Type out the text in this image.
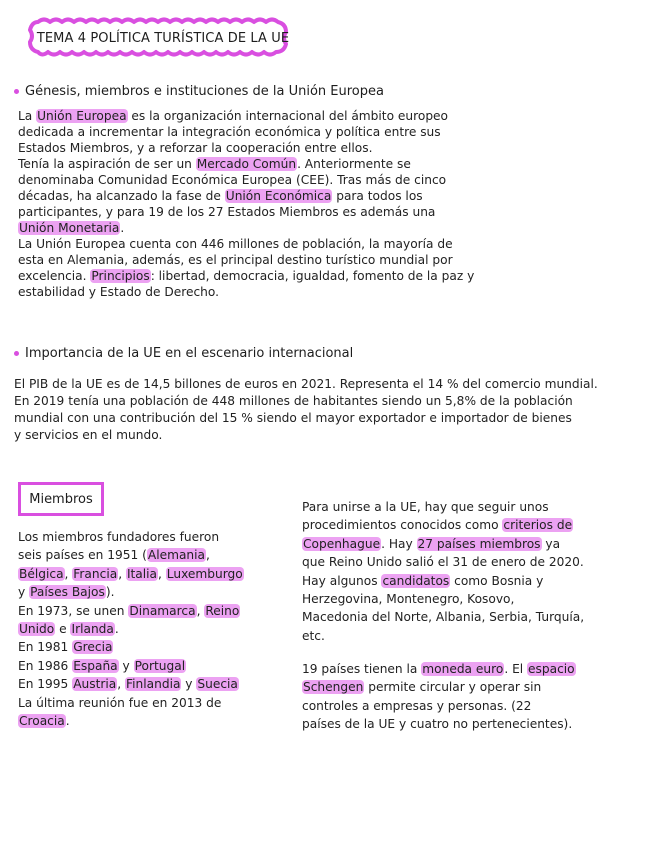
TEMA 4 POLÍTICA TURÍSTICA DE LA UE
Génesis, miembros e instituciones de la Unión Europea
La Unión Europea es la organización internacional del ámbito europeo
dedicada a incrementar la integración económica y política entre sus
Estados Miembros, y a reforzar la cooperación entre ellos.
Tenía la aspiración de ser un Mercado Común. Anteriormente se
denominaba Comunidad Económica Europea (CEE). Tras más de cinco
décadas, ha alcanzado la fase de Unión Económica para todos los
participantes, y para 19 de los 27 Estados Miembros es además una
Unión Monetaria.
La Unión Europea cuenta con 446 millones de población, la mayoría de
esta en Alemania, además, es el principal destino turístico mundial por
excelencia. Principios: libertad, democracia, igualdad, fomento de la paz y
estabilidad y Estado de Derecho.
Importancia de la UE en el escenario internacional
El PIB de la UE es de 14,5 billones de euros en 2021. Representa el 14 % del comercio mundial.
En 2019 tenía una población de 448 millones de habitantes siendo un 5,8% de la población
mundial con una contribución del 15 % siendo el mayor exportador e importador de bienes
y servicios en el mundo.
Miembros
Los miembros fundadores fueron
seis países en 1951 (Alemania,
Bélgica, Francia, Italia, Luxemburgo
y Países Bajos).
En 1973, se unen Dinamarca, Reino
Unido e Irlanda.
En 1981 Grecia
En 1986 España y Portugal
En 1995 Austria, Finlandia y Suecia
La última reunión fue en 2013 de
Croacia.
Para unirse a la UE, hay que seguir unos
procedimientos conocidos como criterios de
Copenhague. Hay 27 países miembros ya
que Reino Unido salió el 31 de enero de 2020.
Hay algunos candidatos como Bosnia y
Herzegovina, Montenegro, Kosovo,
Macedonia del Norte, Albania, Serbia, Turquía,
etc.
19 países tienen la moneda euro. El espacio
Schengen permite circular y operar sin
controles a empresas y personas. (22
países de la UE y cuatro no pertenecientes).
